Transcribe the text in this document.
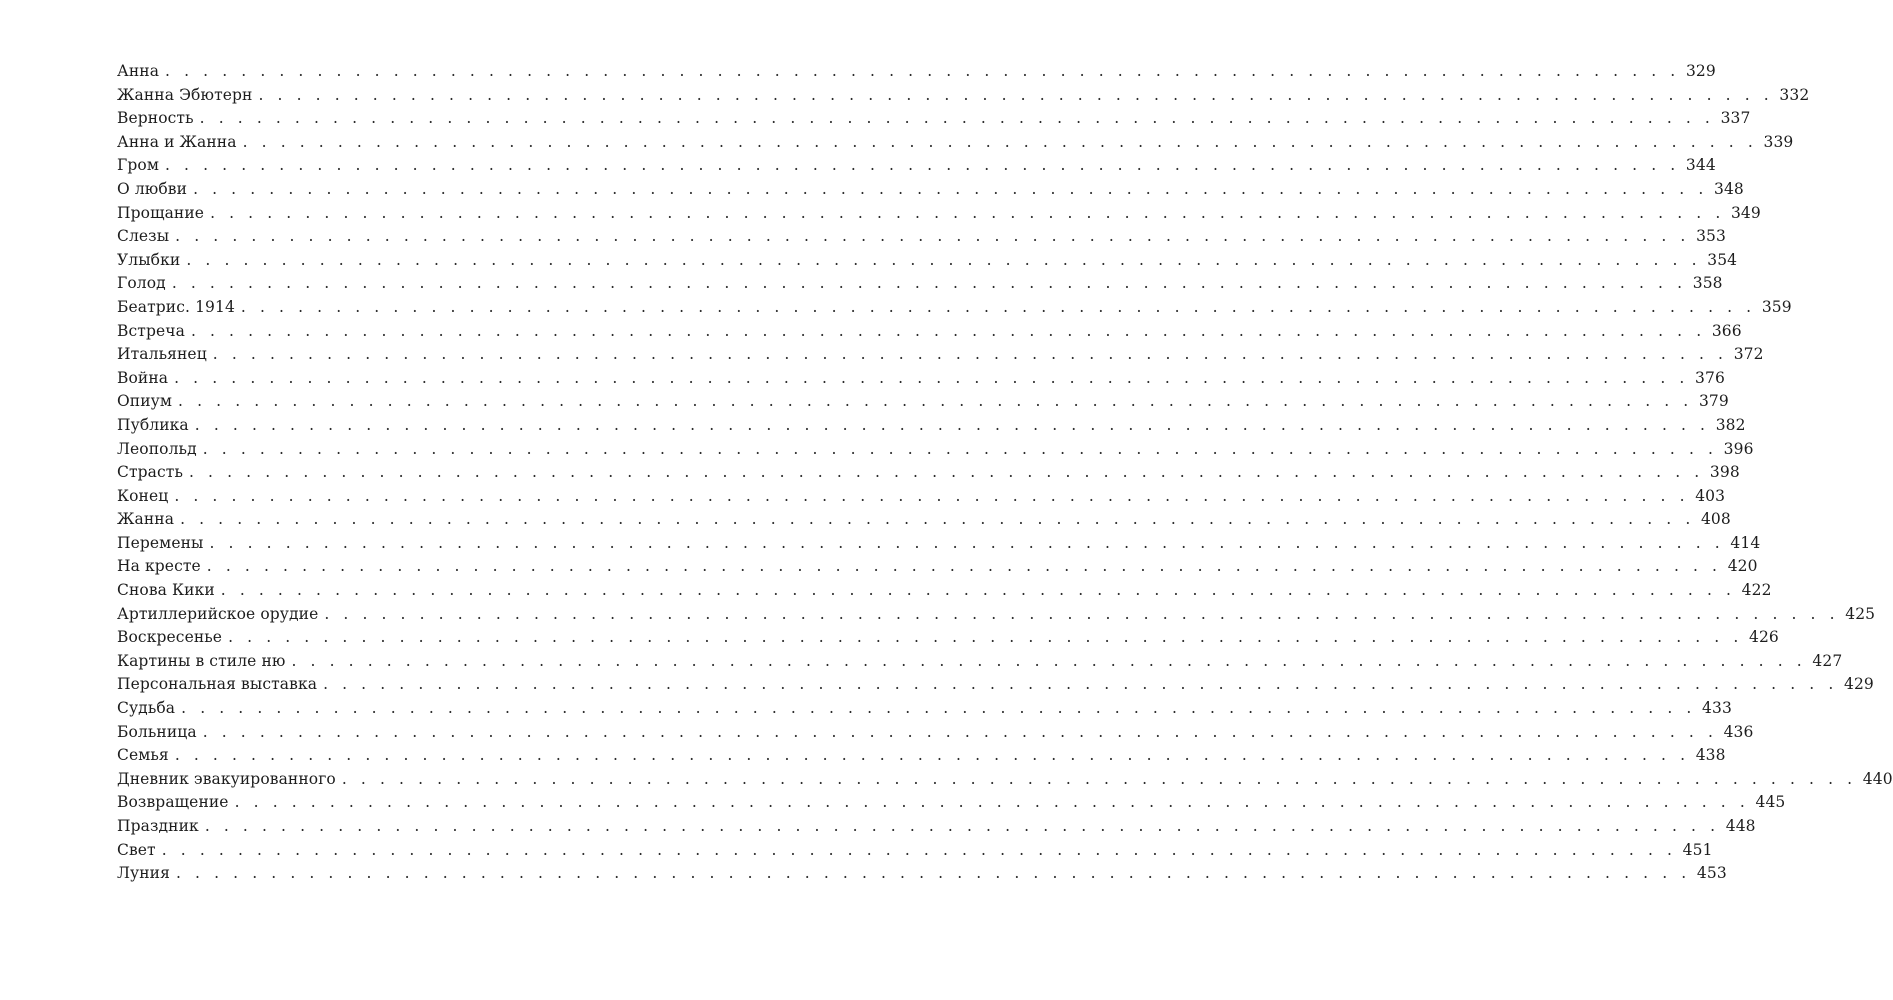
Анна . . . . . . . . . . . . . . . . . . . . . . . . . . . . . . . . . . . . . . . . . . . . . . . . . . . . . . . . . . . . . . . . . . . . . . . . . . . . . . . . 329
Жанна Эбютерн . . . . . . . . . . . . . . . . . . . . . . . . . . . . . . . . . . . . . . . . . . . . . . . . . . . . . . . . . . . . . . . . . . . . . . . . . . . . . . . . 332
Верность . . . . . . . . . . . . . . . . . . . . . . . . . . . . . . . . . . . . . . . . . . . . . . . . . . . . . . . . . . . . . . . . . . . . . . . . . . . . . . . . 337
Анна и Жанна . . . . . . . . . . . . . . . . . . . . . . . . . . . . . . . . . . . . . . . . . . . . . . . . . . . . . . . . . . . . . . . . . . . . . . . . . . . . . . . . 339
Гром . . . . . . . . . . . . . . . . . . . . . . . . . . . . . . . . . . . . . . . . . . . . . . . . . . . . . . . . . . . . . . . . . . . . . . . . . . . . . . . . 344
О любви . . . . . . . . . . . . . . . . . . . . . . . . . . . . . . . . . . . . . . . . . . . . . . . . . . . . . . . . . . . . . . . . . . . . . . . . . . . . . . . . 348
Прощание . . . . . . . . . . . . . . . . . . . . . . . . . . . . . . . . . . . . . . . . . . . . . . . . . . . . . . . . . . . . . . . . . . . . . . . . . . . . . . . . 349
Слезы . . . . . . . . . . . . . . . . . . . . . . . . . . . . . . . . . . . . . . . . . . . . . . . . . . . . . . . . . . . . . . . . . . . . . . . . . . . . . . . . 353
Улыбки . . . . . . . . . . . . . . . . . . . . . . . . . . . . . . . . . . . . . . . . . . . . . . . . . . . . . . . . . . . . . . . . . . . . . . . . . . . . . . . . 354
Голод . . . . . . . . . . . . . . . . . . . . . . . . . . . . . . . . . . . . . . . . . . . . . . . . . . . . . . . . . . . . . . . . . . . . . . . . . . . . . . . . 358
Беатрис. 1914 . . . . . . . . . . . . . . . . . . . . . . . . . . . . . . . . . . . . . . . . . . . . . . . . . . . . . . . . . . . . . . . . . . . . . . . . . . . . . . . . 359
Встреча . . . . . . . . . . . . . . . . . . . . . . . . . . . . . . . . . . . . . . . . . . . . . . . . . . . . . . . . . . . . . . . . . . . . . . . . . . . . . . . . 366
Итальянец . . . . . . . . . . . . . . . . . . . . . . . . . . . . . . . . . . . . . . . . . . . . . . . . . . . . . . . . . . . . . . . . . . . . . . . . . . . . . . . . 372
Война . . . . . . . . . . . . . . . . . . . . . . . . . . . . . . . . . . . . . . . . . . . . . . . . . . . . . . . . . . . . . . . . . . . . . . . . . . . . . . . . 376
Опиум . . . . . . . . . . . . . . . . . . . . . . . . . . . . . . . . . . . . . . . . . . . . . . . . . . . . . . . . . . . . . . . . . . . . . . . . . . . . . . . . 379
Публика . . . . . . . . . . . . . . . . . . . . . . . . . . . . . . . . . . . . . . . . . . . . . . . . . . . . . . . . . . . . . . . . . . . . . . . . . . . . . . . . 382
Леопольд . . . . . . . . . . . . . . . . . . . . . . . . . . . . . . . . . . . . . . . . . . . . . . . . . . . . . . . . . . . . . . . . . . . . . . . . . . . . . . . . 396
Страсть . . . . . . . . . . . . . . . . . . . . . . . . . . . . . . . . . . . . . . . . . . . . . . . . . . . . . . . . . . . . . . . . . . . . . . . . . . . . . . . . 398
Конец . . . . . . . . . . . . . . . . . . . . . . . . . . . . . . . . . . . . . . . . . . . . . . . . . . . . . . . . . . . . . . . . . . . . . . . . . . . . . . . . 403
Жанна . . . . . . . . . . . . . . . . . . . . . . . . . . . . . . . . . . . . . . . . . . . . . . . . . . . . . . . . . . . . . . . . . . . . . . . . . . . . . . . . 408
Перемены . . . . . . . . . . . . . . . . . . . . . . . . . . . . . . . . . . . . . . . . . . . . . . . . . . . . . . . . . . . . . . . . . . . . . . . . . . . . . . . . 414
На кресте . . . . . . . . . . . . . . . . . . . . . . . . . . . . . . . . . . . . . . . . . . . . . . . . . . . . . . . . . . . . . . . . . . . . . . . . . . . . . . . . 420
Снова Кики . . . . . . . . . . . . . . . . . . . . . . . . . . . . . . . . . . . . . . . . . . . . . . . . . . . . . . . . . . . . . . . . . . . . . . . . . . . . . . . . 422
Артиллерийское орудие . . . . . . . . . . . . . . . . . . . . . . . . . . . . . . . . . . . . . . . . . . . . . . . . . . . . . . . . . . . . . . . . . . . . . . . . . . . . . . . . 425
Воскресенье . . . . . . . . . . . . . . . . . . . . . . . . . . . . . . . . . . . . . . . . . . . . . . . . . . . . . . . . . . . . . . . . . . . . . . . . . . . . . . . . 426
Картины в стиле ню . . . . . . . . . . . . . . . . . . . . . . . . . . . . . . . . . . . . . . . . . . . . . . . . . . . . . . . . . . . . . . . . . . . . . . . . . . . . . . . . 427
Персональная выставка . . . . . . . . . . . . . . . . . . . . . . . . . . . . . . . . . . . . . . . . . . . . . . . . . . . . . . . . . . . . . . . . . . . . . . . . . . . . . . . . 429
Судьба . . . . . . . . . . . . . . . . . . . . . . . . . . . . . . . . . . . . . . . . . . . . . . . . . . . . . . . . . . . . . . . . . . . . . . . . . . . . . . . . 433
Больница . . . . . . . . . . . . . . . . . . . . . . . . . . . . . . . . . . . . . . . . . . . . . . . . . . . . . . . . . . . . . . . . . . . . . . . . . . . . . . . . 436
Семья . . . . . . . . . . . . . . . . . . . . . . . . . . . . . . . . . . . . . . . . . . . . . . . . . . . . . . . . . . . . . . . . . . . . . . . . . . . . . . . . 438
Дневник эвакуированного . . . . . . . . . . . . . . . . . . . . . . . . . . . . . . . . . . . . . . . . . . . . . . . . . . . . . . . . . . . . . . . . . . . . . . . . . . . . . . . . 440
Возвращение . . . . . . . . . . . . . . . . . . . . . . . . . . . . . . . . . . . . . . . . . . . . . . . . . . . . . . . . . . . . . . . . . . . . . . . . . . . . . . . . 445
Праздник . . . . . . . . . . . . . . . . . . . . . . . . . . . . . . . . . . . . . . . . . . . . . . . . . . . . . . . . . . . . . . . . . . . . . . . . . . . . . . . . 448
Свет . . . . . . . . . . . . . . . . . . . . . . . . . . . . . . . . . . . . . . . . . . . . . . . . . . . . . . . . . . . . . . . . . . . . . . . . . . . . . . . . 451
Луния . . . . . . . . . . . . . . . . . . . . . . . . . . . . . . . . . . . . . . . . . . . . . . . . . . . . . . . . . . . . . . . . . . . . . . . . . . . . . . . . 453
